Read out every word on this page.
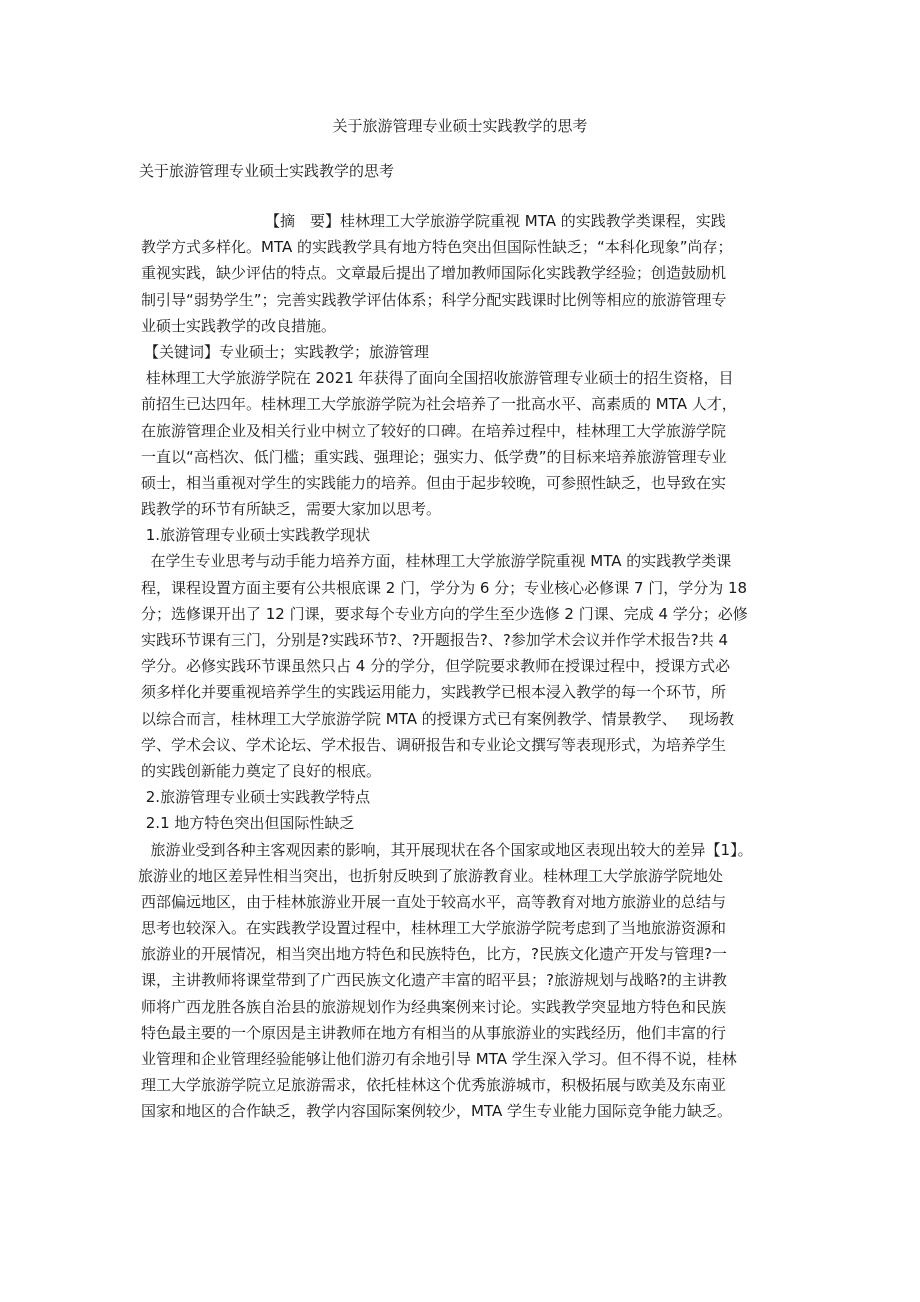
关于旅游管理专业硕士实践教学的思考

关于旅游管理专业硕士实践教学的思考

【摘　要】桂林理工大学旅游学院重视 MTA 的实践教学类课程，实践
教学方式多样化。MTA 的实践教学具有地方特色突出但国际性缺乏；“本科化现象”尚存；
重视实践，缺少评估的特点。文章最后提出了增加教师国际化实践教学经验；创造鼓励机
制引导“弱势学生”；完善实践教学评估体系；科学分配实践课时比例等相应的旅游管理专
业硕士实践教学的改良措施。
【关键词】专业硕士；实践教学；旅游管理
桂林理工大学旅游学院在 2021 年获得了面向全国招收旅游管理专业硕士的招生资格，目
前招生已达四年。桂林理工大学旅游学院为社会培养了一批高水平、高素质的 MTA 人才，
在旅游管理企业及相关行业中树立了较好的口碑。在培养过程中，桂林理工大学旅游学院
一直以“高档次、低门槛；重实践、强理论；强实力、低学费”的目标来培养旅游管理专业
硕士，相当重视对学生的实践能力的培养。但由于起步较晚，可参照性缺乏，也导致在实
践教学的环节有所缺乏，需要大家加以思考。
1.旅游管理专业硕士实践教学现状
在学生专业思考与动手能力培养方面，桂林理工大学旅游学院重视 MTA 的实践教学类课
程，课程设置方面主要有公共根底课 2 门，学分为 6 分；专业核心必修课 7 门，学分为 18
分；选修课开出了 12 门课，要求每个专业方向的学生至少选修 2 门课、完成 4 学分；必修
实践环节课有三门，分别是?实践环节?、?开题报告?、?参加学术会议并作学术报告?共 4
学分。必修实践环节课虽然只占 4 分的学分，但学院要求教师在授课过程中，授课方式必
须多样化并要重视培养学生的实践运用能力，实践教学已根本浸入教学的每一个环节，所
以综合而言，桂林理工大学旅游学院 MTA 的授课方式已有案例教学、情景教学、　 现场教
学、学术会议、学术论坛、学术报告、调研报告和专业论文撰写等表现形式，为培养学生
的实践创新能力奠定了良好的根底。
2.旅游管理专业硕士实践教学特点
2.1 地方特色突出但国际性缺乏
旅游业受到各种主客观因素的影响，其开展现状在各个国家或地区表现出较大的差异【1】。
旅游业的地区差异性相当突出，也折射反映到了旅游教育业。桂林理工大学旅游学院地处
西部偏远地区，由于桂林旅游业开展一直处于较高水平，高等教育对地方旅游业的总结与
思考也较深入。在实践教学设置过程中，桂林理工大学旅游学院考虑到了当地旅游资源和
旅游业的开展情况，相当突出地方特色和民族特色，比方，?民族文化遗产开发与管理?一
课，主讲教师将课堂带到了广西民族文化遗产丰富的昭平县；?旅游规划与战略?的主讲教
师将广西龙胜各族自治县的旅游规划作为经典案例来讨论。实践教学突显地方特色和民族
特色最主要的一个原因是主讲教师在地方有相当的从事旅游业的实践经历，他们丰富的行
业管理和企业管理经验能够让他们游刃有余地引导 MTA 学生深入学习。但不得不说，桂林
理工大学旅游学院立足旅游需求，依托桂林这个优秀旅游城市，积极拓展与欧美及东南亚
国家和地区的合作缺乏，教学内容国际案例较少，MTA 学生专业能力国际竞争能力缺乏。
